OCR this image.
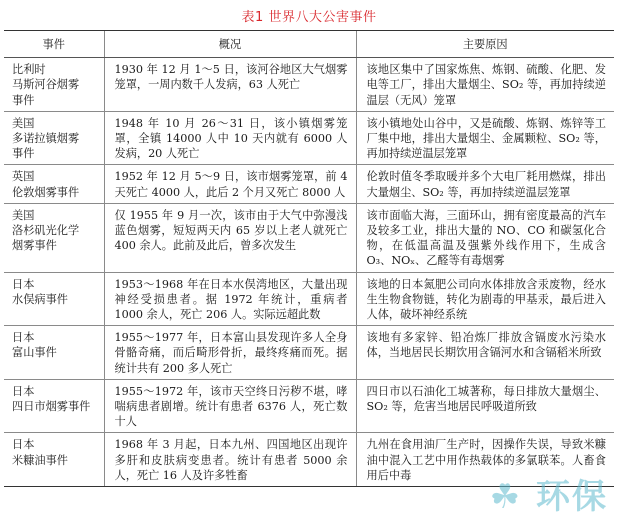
表1 世界八大公害事件
事件	概况	主要原因

比利时
马斯河谷烟雾
事件	1930 年 12 月 1～5 日，该河谷地区大气烟雾笼罩，一周内数千人发病，63 人死亡	该地区集中了国家炼焦、炼钢、硫酸、化肥、发电等工厂，排出大量烟尘、SO₂ 等，再加持续逆温层（无风）笼罩

美国
多诺拉镇烟雾
事件	1948 年 10 月 26～31 日，该小镇烟雾笼罩，全镇 14000 人中 10 天内就有 6000 人发病，20 人死亡	该小镇地处山谷中，又是硫酸、炼钢、炼锌等工厂集中地，排出大量烟尘、金属颗粒、SO₂ 等，再加持续逆温层笼罩

英国
伦敦烟雾事件	1952 年 12 月 5～9 日，该市烟雾笼罩，前 4 天死亡 4000 人，此后 2 个月又死亡 8000 人	伦敦时值冬季取暖并多个大电厂耗用燃煤，排出大量烟尘、SO₂ 等，再加持续逆温层笼罩

美国
洛杉矶光化学
烟雾事件	仅 1955 年 9 月一次，该市由于大气中弥漫浅蓝色烟雾，短短两天内 65 岁以上老人就死亡 400 余人。此前及此后，曾多次发生	该市面临大海，三面环山，拥有密度最高的汽车及较多工业，排出大量的 NO、CO 和碳氢化合物，在低温高温及强紫外线作用下，生成含 O₃、NOₓ、乙醛等有毒烟雾

日本
水俣病事件	1953～1968 年在日本水俣湾地区，大量出现神经受损患者。据 1972 年统计，重病者 1000 余人，死亡 206 人。实际远超此数	该地的日本氮肥公司向水体排放含汞废物，经水生生物食物链，转化为剧毒的甲基汞，最后进入人体，破坏神经系统

日本
富山事件	1955～1977 年，日本富山县发现许多人全身骨骼奇痛，而后畸形骨折，最终疼痛而死。据统计共有 200 多人死亡	该地有多家锌、铅冶炼厂排放含镉废水污染水体，当地居民长期饮用含镉河水和含镉稻米所致

日本
四日市烟雾事件	1955～1972 年，该市天空终日污秽不堪，哮喘病患者剧增。统计有患者 6376 人，死亡数十人	四日市以石油化工城著称，每日排放大量烟尘、SO₂ 等，危害当地居民呼吸道所致

日本
米糠油事件	1968 年 3 月起，日本九州、四国地区出现许多肝和皮肤病变患者。统计有患者 5000 余人，死亡 16 人及许多牲畜	九州在食用油厂生产时，因操作失误，导致米糠油中混入工艺中用作热载体的多氯联苯。人畜食用后中毒
☘ 环保
